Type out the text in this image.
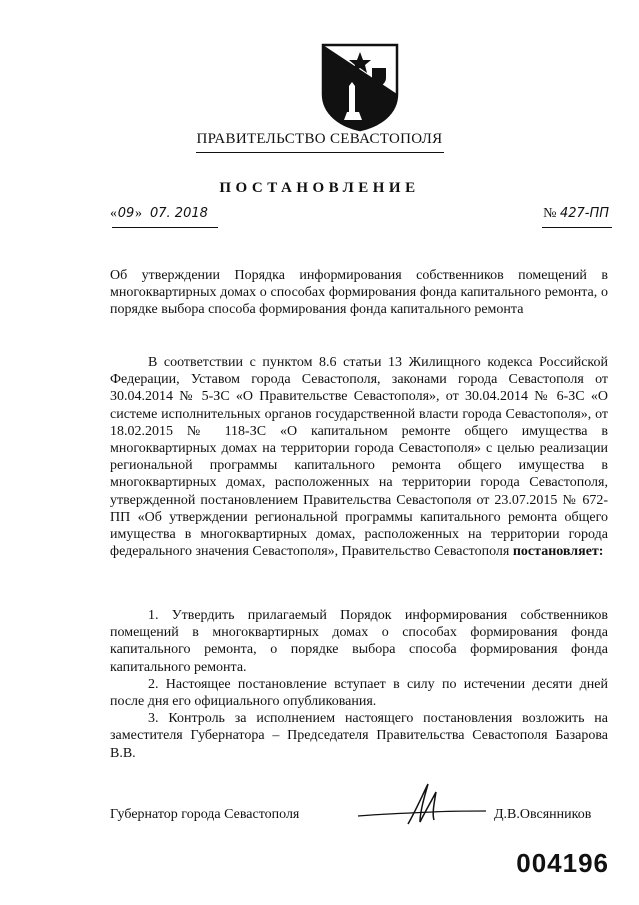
ПРАВИТЕЛЬСТВО СЕВАСТОПОЛЯ
ПОСТАНОВЛЕНИЕ
«09» 07. 2018	№ 427-ПП
Об утверждении Порядка информирования собственников помещений в многоквартирных домах о способах формирования фонда капитального ремонта, о порядке выбора способа формирования фонда капитального ремонта
В соответствии с пунктом 8.6 статьи 13 Жилищного кодекса Российской Федерации, Уставом города Севастополя, законами города Севастополя от 30.04.2014 № 5-ЗС «О Правительстве Севастополя», от 30.04.2014 № 6-ЗС «О системе исполнительных органов государственной власти города Севастополя», от 18.02.2015 № 118-ЗС «О капитальном ремонте общего имущества в многоквартирных домах на территории города Севастополя» с целью реализации региональной программы капитального ремонта общего имущества в многоквартирных домах, расположенных на территории города Севастополя, утвержденной постановлением Правительства Севастополя от 23.07.2015 № 672-ПП «Об утверждении региональной программы капитального ремонта общего имущества в многоквартирных домах, расположенных на территории города федерального значения Севастополя», Правительство Севастополя постановляет:

1. Утвердить прилагаемый Порядок информирования собственников помещений в многоквартирных домах о способах формирования фонда капитального ремонта, о порядке выбора способа формирования фонда капитального ремонта.

2. Настоящее постановление вступает в силу по истечении десяти дней после дня его официального опубликования.

3. Контроль за исполнением настоящего постановления возложить на заместителя Губернатора – Председателя Правительства Севастополя Базарова В.В.

Губернатор города Севастополя	Д.В.Овсянников
004196
